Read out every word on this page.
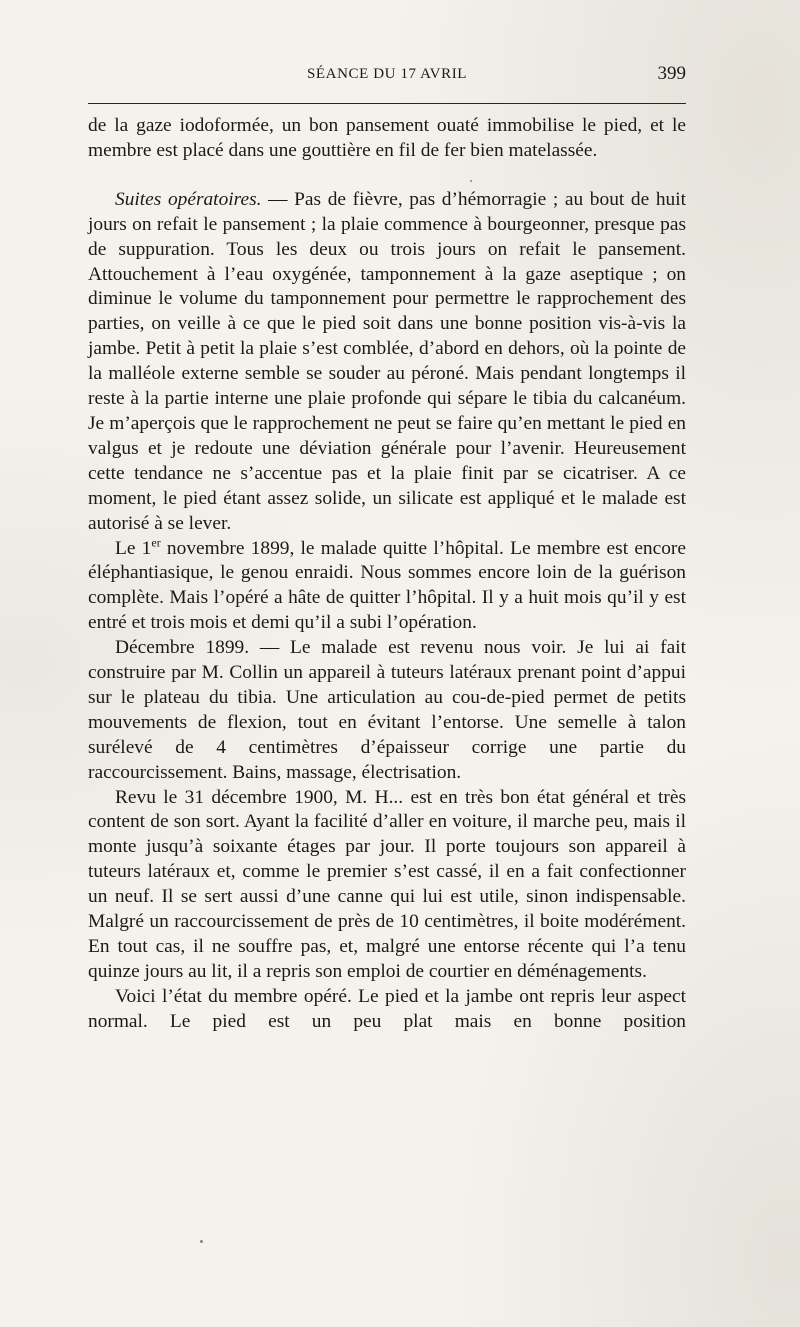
SÉANCE DU 17 AVRIL	399

de la gaze iodoformée, un bon pansement ouaté immobilise le pied, et le membre est placé dans une gouttière en fil de fer bien matelassée.

Suites opératoires. — Pas de fièvre, pas d’hémorragie ; au bout de huit jours on refait le pansement ; la plaie commence à bourgeonner, presque pas de suppuration. Tous les deux ou trois jours on refait le pansement. Attouchement à l’eau oxygénée, tamponnement à la gaze aseptique ; on diminue le volume du tamponnement pour permettre le rapprochement des parties, on veille à ce que le pied soit dans une bonne position vis-à-vis la jambe. Petit à petit la plaie s’est comblée, d’abord en dehors, où la pointe de la malléole externe semble se souder au péroné. Mais pendant longtemps il reste à la partie interne une plaie profonde qui sépare le tibia du calcanéum. Je m’aperçois que le rapprochement ne peut se faire qu’en mettant le pied en valgus et je redoute une déviation générale pour l’avenir. Heureusement cette tendance ne s’accentue pas et la plaie finit par se cicatriser. A ce moment, le pied étant assez solide, un silicate est appliqué et le malade est autorisé à se lever.

Le 1er novembre 1899, le malade quitte l’hôpital. Le membre est encore éléphantiasique, le genou enraidi. Nous sommes encore loin de la guérison complète. Mais l’opéré a hâte de quitter l’hôpital. Il y a huit mois qu’il y est entré et trois mois et demi qu’il a subi l’opération.

Décembre 1899. — Le malade est revenu nous voir. Je lui ai fait construire par M. Collin un appareil à tuteurs latéraux prenant point d’appui sur le plateau du tibia. Une articulation au cou-de-pied permet de petits mouvements de flexion, tout en évitant l’entorse. Une semelle à talon surélevé de 4 centimètres d’épaisseur corrige une partie du raccourcissement. Bains, massage, électrisation.

Revu le 31 décembre 1900, M. H... est en très bon état général et très content de son sort. Ayant la facilité d’aller en voiture, il marche peu, mais il monte jusqu’à soixante étages par jour. Il porte toujours son appareil à tuteurs latéraux et, comme le premier s’est cassé, il en a fait confectionner un neuf. Il se sert aussi d’une canne qui lui est utile, sinon indispensable. Malgré un raccourcissement de près de 10 centimètres, il boite modérément. En tout cas, il ne souffre pas, et, malgré une entorse récente qui l’a tenu quinze jours au lit, il a repris son emploi de courtier en déménagements.

Voici l’état du membre opéré. Le pied et la jambe ont repris leur aspect normal. Le pied est un peu plat mais en bonne position
